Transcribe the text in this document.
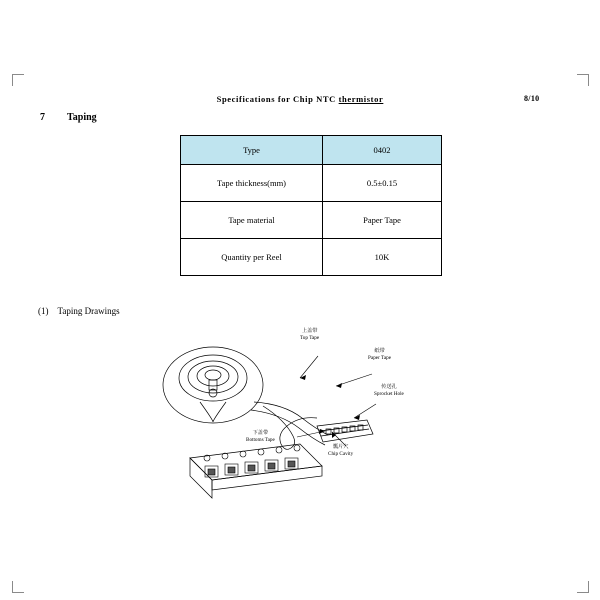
Specifications for Chip NTC thermistor	8/10
7 Taping
Type	0402
Tape thickness(mm)	0.5±0.15
Tape material	Paper Tape
Quantity per Reel	10K
(1) Taping Drawings
上盖带
Top Tape
纸带
Paper Tape
传送孔
Sprocket Hole
下盖带
Bottoms Tape
瓢片穴
Chip Cavity
